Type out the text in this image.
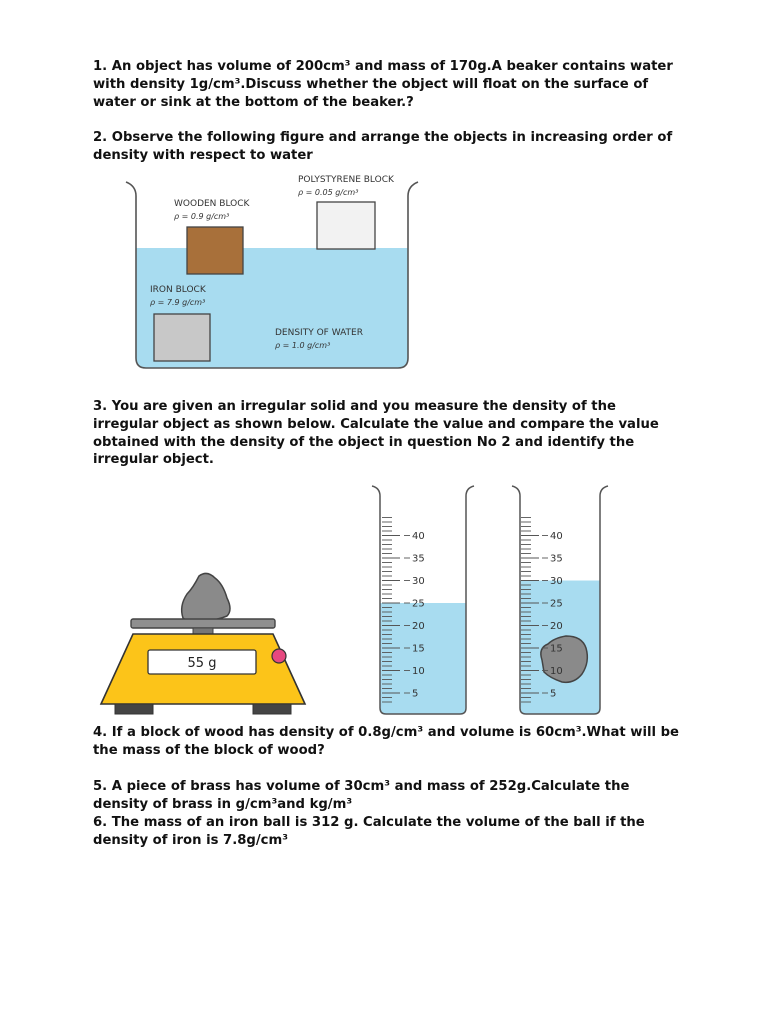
1. An object has volume of 200cm³ and mass of 170g.A beaker contains water with density 1g/cm³.Discuss whether the object will float on the surface of water or sink at the bottom of the beaker.?

2. Observe the following figure and arrange the objects in increasing order of density with respect to water

POLYSTYRENE BLOCK
ρ = 0.05 g/cm³
WOODEN BLOCK
ρ = 0.9 g/cm³
IRON BLOCK
ρ = 7.9 g/cm³
DENSITY OF WATER
ρ = 1.0 g/cm³

3. You are given an irregular solid and you measure the density of the irregular object as shown below. Calculate the value and compare the value obtained with the density of the object in question No 2 and identify the irregular object.

55 g
40
35
30
25
20
15
10
5
40
35
30
25
20
15
10
5

4. If a block of wood has density of 0.8g/cm³ and volume is 60cm³.What will be the mass of the block of wood?

5. A piece of brass has volume of 30cm³ and mass of 252g.Calculate the density of brass in g/cm³and kg/m³

6. The mass of an iron ball is 312 g. Calculate the volume of the ball if the density of iron is 7.8g/cm³
